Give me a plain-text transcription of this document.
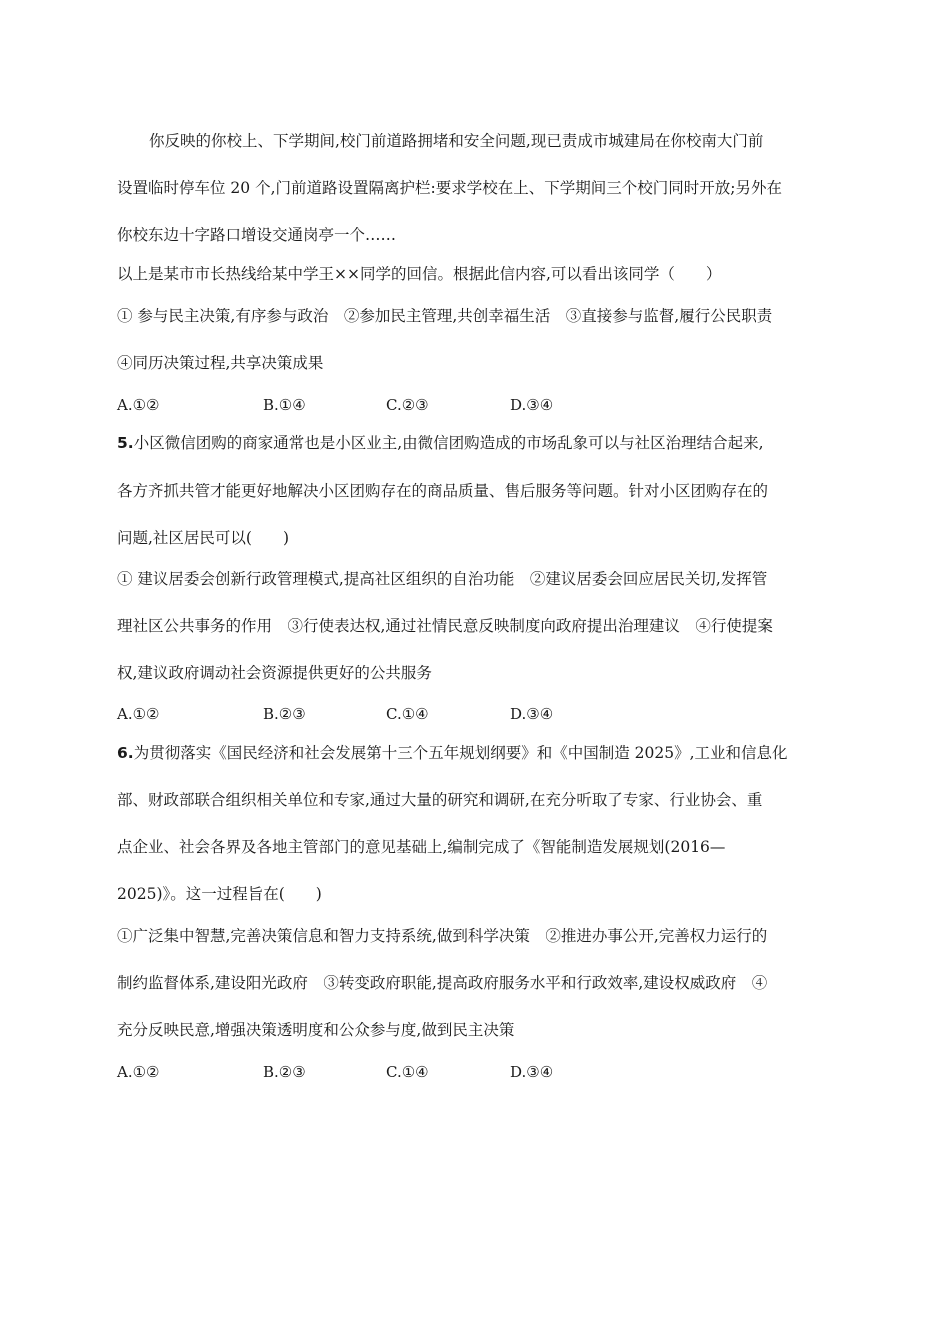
你反映的你校上、下学期间,校门前道路拥堵和安全问题,现已责成市城建局在你校南大门前
设置临时停车位 20 个,门前道路设置隔离护栏:要求学校在上、下学期间三个校门同时开放;另外在
你校东边十字路口增设交通岗亭一个……
以上是某市市长热线给某中学王××同学的回信。根据此信内容,可以看出该同学（　　）
① 参与民主决策,有序参与政治　②参加民主管理,共创幸福生活　③直接参与监督,履行公民职责
④同历决策过程,共享决策成果
A.①②	B.①④	C.②③	D.③④
5.小区微信团购的商家通常也是小区业主,由微信团购造成的市场乱象可以与社区治理结合起来,
各方齐抓共管才能更好地解决小区团购存在的商品质量、售后服务等问题。针对小区团购存在的
问题,社区居民可以(　　)
① 建议居委会创新行政管理模式,提高社区组织的自治功能　②建议居委会回应居民关切,发挥管
理社区公共事务的作用　③行使表达权,通过社情民意反映制度向政府提出治理建议　④行使提案
权,建议政府调动社会资源提供更好的公共服务
A.①②	B.②③	C.①④	D.③④
6.为贯彻落实《国民经济和社会发展第十三个五年规划纲要》和《中国制造 2025》,工业和信息化
部、财政部联合组织相关单位和专家,通过大量的研究和调研,在充分听取了专家、行业协会、重
点企业、社会各界及各地主管部门的意见基础上,编制完成了《智能制造发展规划(2016—
2025)》。这一过程旨在(　　)
①广泛集中智慧,完善决策信息和智力支持系统,做到科学决策　②推进办事公开,完善权力运行的
制约监督体系,建设阳光政府　③转变政府职能,提高政府服务水平和行政效率,建设权威政府　④
充分反映民意,增强决策透明度和公众参与度,做到民主决策
A.①②	B.②③	C.①④	D.③④
